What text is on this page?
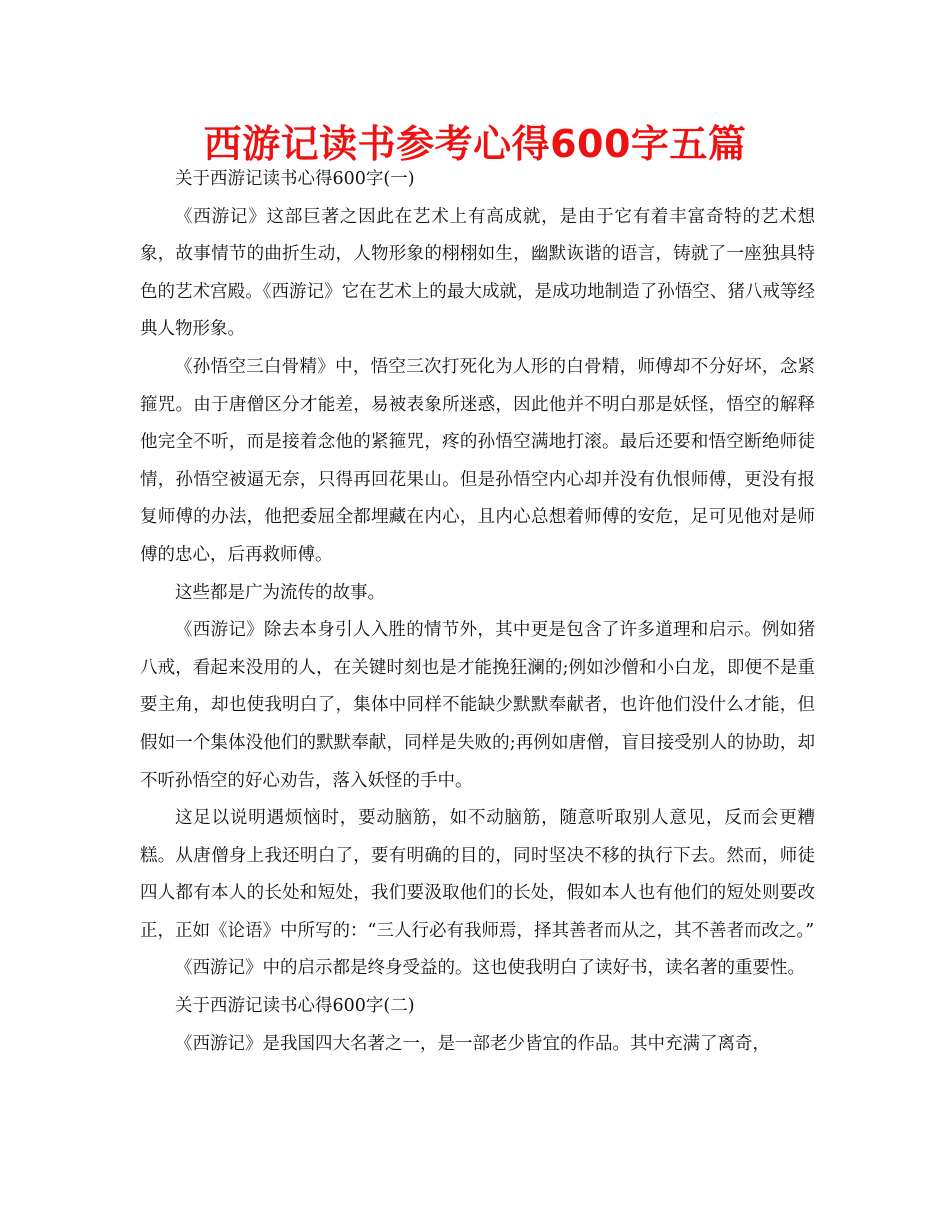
西游记读书参考心得600字五篇

关于西游记读书心得600字(一)

《西游记》这部巨著之因此在艺术上有高成就，是由于它有着丰富奇特的艺术想象，故事情节的曲折生动，人物形象的栩栩如生，幽默诙谐的语言，铸就了一座独具特色的艺术宫殿。《西游记》它在艺术上的最大成就，是成功地制造了孙悟空、猪八戒等经典人物形象。

《孙悟空三白骨精》中，悟空三次打死化为人形的白骨精，师傅却不分好坏，念紧箍咒。由于唐僧区分才能差，易被表象所迷惑，因此他并不明白那是妖怪，悟空的解释他完全不听，而是接着念他的紧箍咒，疼的孙悟空满地打滚。最后还要和悟空断绝师徒情，孙悟空被逼无奈，只得再回花果山。但是孙悟空内心却并没有仇恨师傅，更没有报复师傅的办法，他把委屈全都埋藏在内心，且内心总想着师傅的安危，足可见他对是师傅的忠心，后再救师傅。

这些都是广为流传的故事。

《西游记》除去本身引人入胜的情节外，其中更是包含了许多道理和启示。例如猪八戒，看起来没用的人，在关键时刻也是才能挽狂澜的;例如沙僧和小白龙，即便不是重要主角，却也使我明白了，集体中同样不能缺少默默奉献者，也许他们没什么才能，但假如一个集体没他们的默默奉献，同样是失败的;再例如唐僧，盲目接受别人的协助，却不听孙悟空的好心劝告，落入妖怪的手中。

这足以说明遇烦恼时，要动脑筋，如不动脑筋，随意听取别人意见，反而会更糟糕。从唐僧身上我还明白了，要有明确的目的，同时坚决不移的执行下去。然而，师徒四人都有本人的长处和短处，我们要汲取他们的长处，假如本人也有他们的短处则要改正，正如《论语》中所写的：“三人行必有我师焉，择其善者而从之，其不善者而改之。”

《西游记》中的启示都是终身受益的。这也使我明白了读好书，读名著的重要性。

关于西游记读书心得600字(二)

《西游记》是我国四大名著之一，是一部老少皆宜的作品。其中充满了离奇，
